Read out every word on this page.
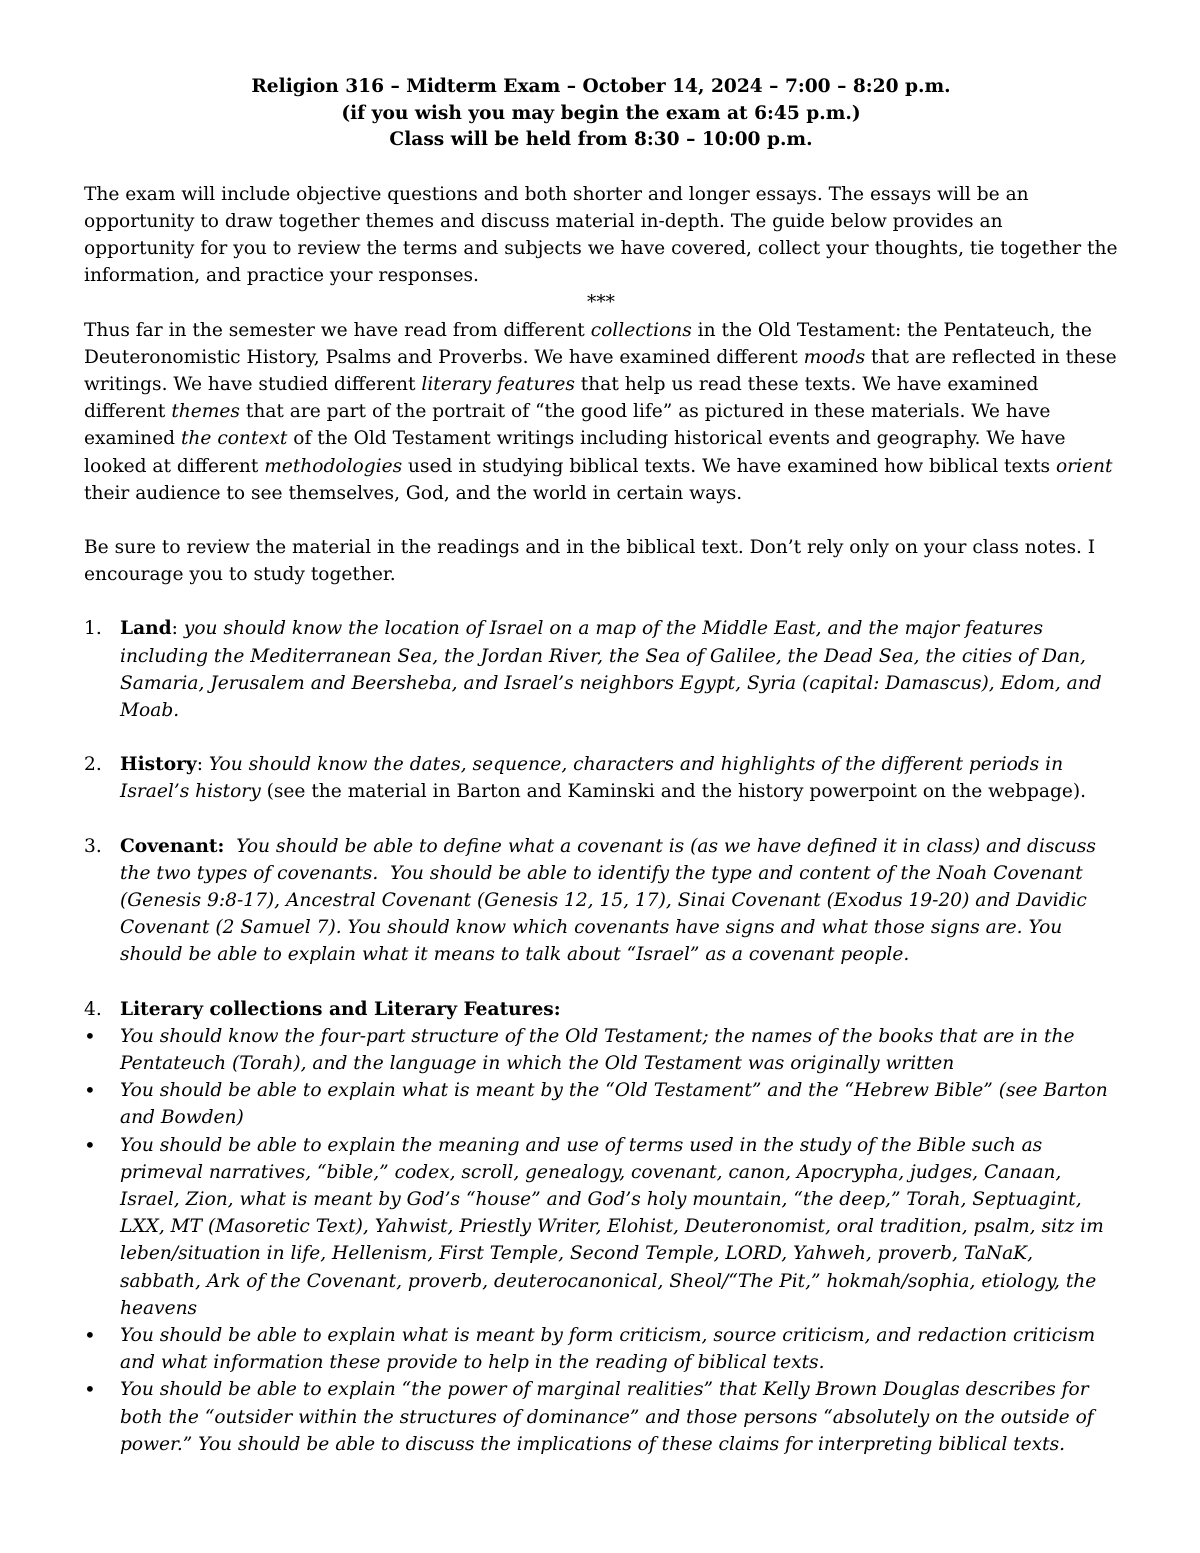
Religion 316 – Midterm Exam – October 14, 2024 – 7:00 – 8:20 p.m.
(if you wish you may begin the exam at 6:45 p.m.)
Class will be held from 8:30 – 10:00 p.m.

The exam will include objective questions and both shorter and longer essays. The essays will be an opportunity to draw together themes and discuss material in-depth. The guide below provides an opportunity for you to review the terms and subjects we have covered, collect your thoughts, tie together the information, and practice your responses.

***

Thus far in the semester we have read from different collections in the Old Testament: the Pentateuch, the Deuteronomistic History, Psalms and Proverbs. We have examined different moods that are reflected in these writings. We have studied different literary features that help us read these texts. We have examined different themes that are part of the portrait of “the good life” as pictured in these materials. We have examined the context of the Old Testament writings including historical events and geography. We have looked at different methodologies used in studying biblical texts. We have examined how biblical texts orient their audience to see themselves, God, and the world in certain ways.

Be sure to review the material in the readings and in the biblical text. Don’t rely only on your class notes. I encourage you to study together.

1. Land: you should know the location of Israel on a map of the Middle East, and the major features including the Mediterranean Sea, the Jordan River, the Sea of Galilee, the Dead Sea, the cities of Dan, Samaria, Jerusalem and Beersheba, and Israel’s neighbors Egypt, Syria (capital: Damascus), Edom, and Moab.
2. History: You should know the dates, sequence, characters and highlights of the different periods in Israel’s history (see the material in Barton and Kaminski and the history powerpoint on the webpage).
3. Covenant:  You should be able to define what a covenant is (as we have defined it in class) and discuss the two types of covenants.  You should be able to identify the type and content of the Noah Covenant (Genesis 9:8-17), Ancestral Covenant (Genesis 12, 15, 17), Sinai Covenant (Exodus 19-20) and Davidic Covenant (2 Samuel 7). You should know which covenants have signs and what those signs are. You should be able to explain what it means to talk about “Israel” as a covenant people.
4. Literary collections and Literary Features:
•
You should know the four-part structure of the Old Testament; the names of the books that are in the Pentateuch (Torah), and the language in which the Old Testament was originally written
•
You should be able to explain what is meant by the “Old Testament” and the “Hebrew Bible” (see Barton and Bowden)
•
You should be able to explain the meaning and use of terms used in the study of the Bible such as primeval narratives, “bible,” codex, scroll, genealogy, covenant, canon, Apocrypha, judges, Canaan, Israel, Zion, what is meant by God’s “house” and God’s holy mountain, “the deep,” Torah, Septuagint, LXX, MT (Masoretic Text), Yahwist, Priestly Writer, Elohist, Deuteronomist, oral tradition, psalm, sitz im leben/situation in life, Hellenism, First Temple, Second Temple, LORD, Yahweh, proverb, TaNaK, sabbath, Ark of the Covenant, proverb, deuterocanonical, Sheol/“The Pit,” hokmah/sophia, etiology, the heavens
•
You should be able to explain what is meant by form criticism, source criticism, and redaction criticism and what information these provide to help in the reading of biblical texts.
•
You should be able to explain “the power of marginal realities” that Kelly Brown Douglas describes for both the “outsider within the structures of dominance” and those persons “absolutely on the outside of power.” You should be able to discuss the implications of these claims for interpreting biblical texts.
